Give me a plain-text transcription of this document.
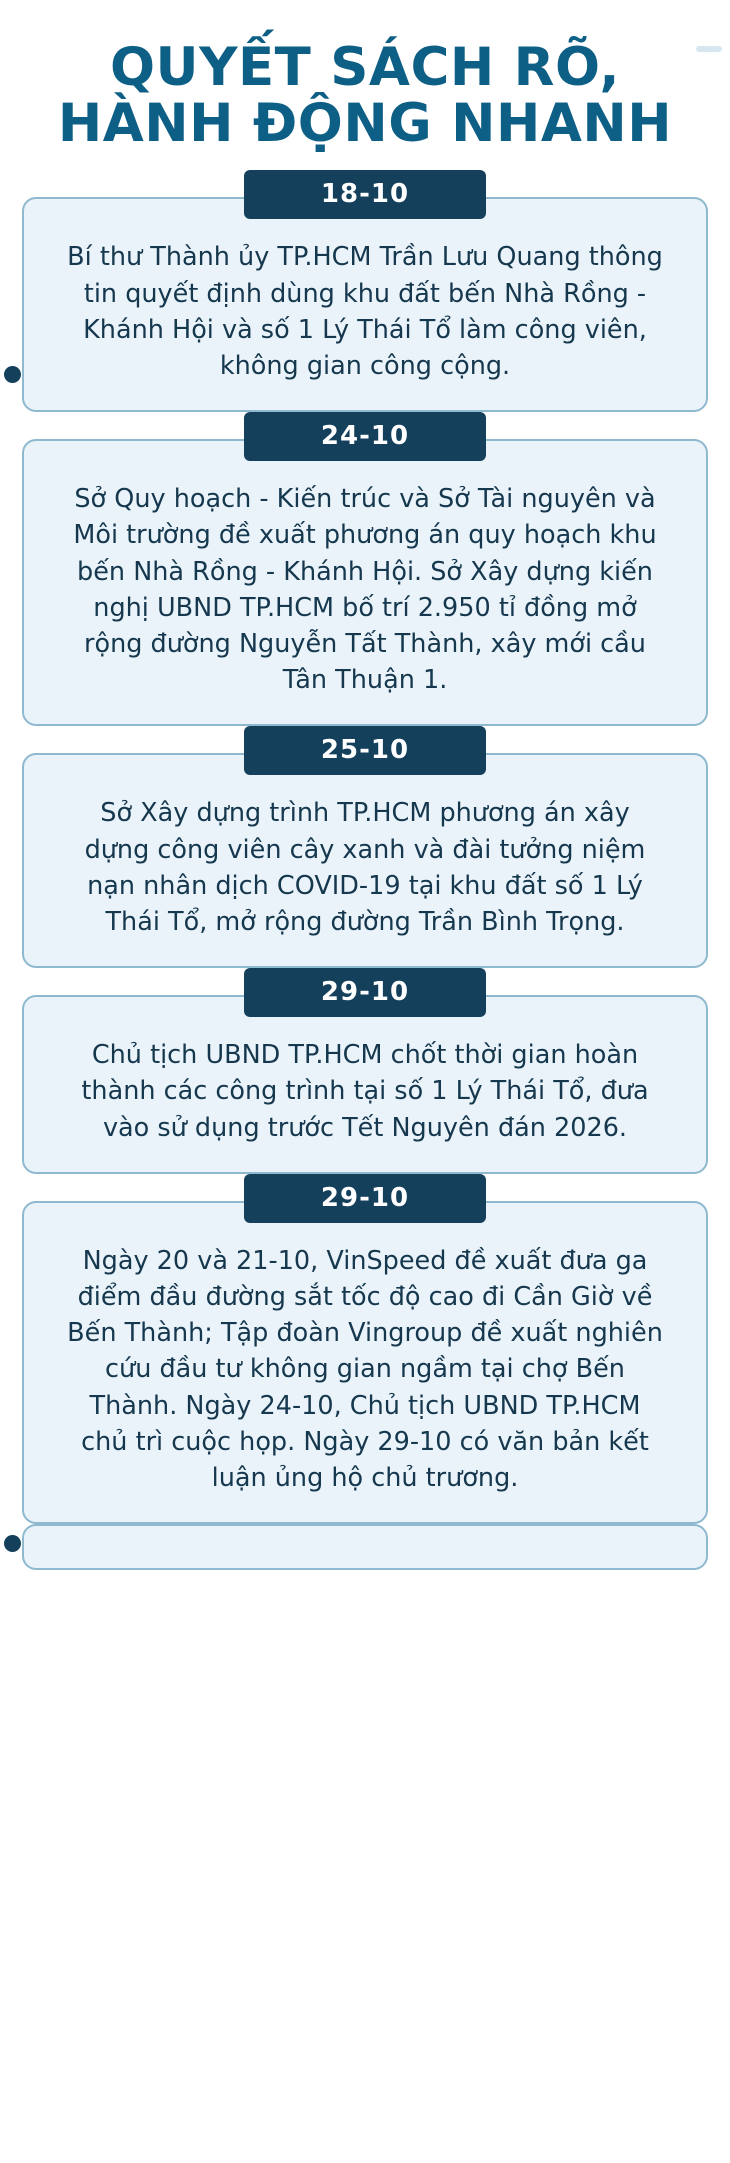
QUYẾT SÁCH RÕ,
HÀNH ĐỘNG NHANH
18-10
Bí thư Thành ủy TP.HCM Trần Lưu Quang thông tin quyết định dùng khu đất bến Nhà Rồng - Khánh Hội và số 1 Lý Thái Tổ làm công viên, không gian công cộng.
24-10
Sở Quy hoạch - Kiến trúc và Sở Tài nguyên và Môi trường đề xuất phương án quy hoạch khu bến Nhà Rồng - Khánh Hội. Sở Xây dựng kiến nghị UBND TP.HCM bố trí 2.950 tỉ đồng mở rộng đường Nguyễn Tất Thành, xây mới cầu Tân Thuận 1.
25-10
Sở Xây dựng trình TP.HCM phương án xây dựng công viên cây xanh và đài tưởng niệm nạn nhân dịch COVID-19 tại khu đất số 1 Lý Thái Tổ, mở rộng đường Trần Bình Trọng.
29-10
Chủ tịch UBND TP.HCM chốt thời gian hoàn thành các công trình tại số 1 Lý Thái Tổ, đưa vào sử dụng trước Tết Nguyên đán 2026.
29-10
Ngày 20 và 21-10, VinSpeed đề xuất đưa ga điểm đầu đường sắt tốc độ cao đi Cần Giờ về Bến Thành; Tập đoàn Vingroup đề xuất nghiên cứu đầu tư không gian ngầm tại chợ Bến Thành. Ngày 24-10, Chủ tịch UBND TP.HCM chủ trì cuộc họp. Ngày 29-10 có văn bản kết luận ủng hộ chủ trương.
